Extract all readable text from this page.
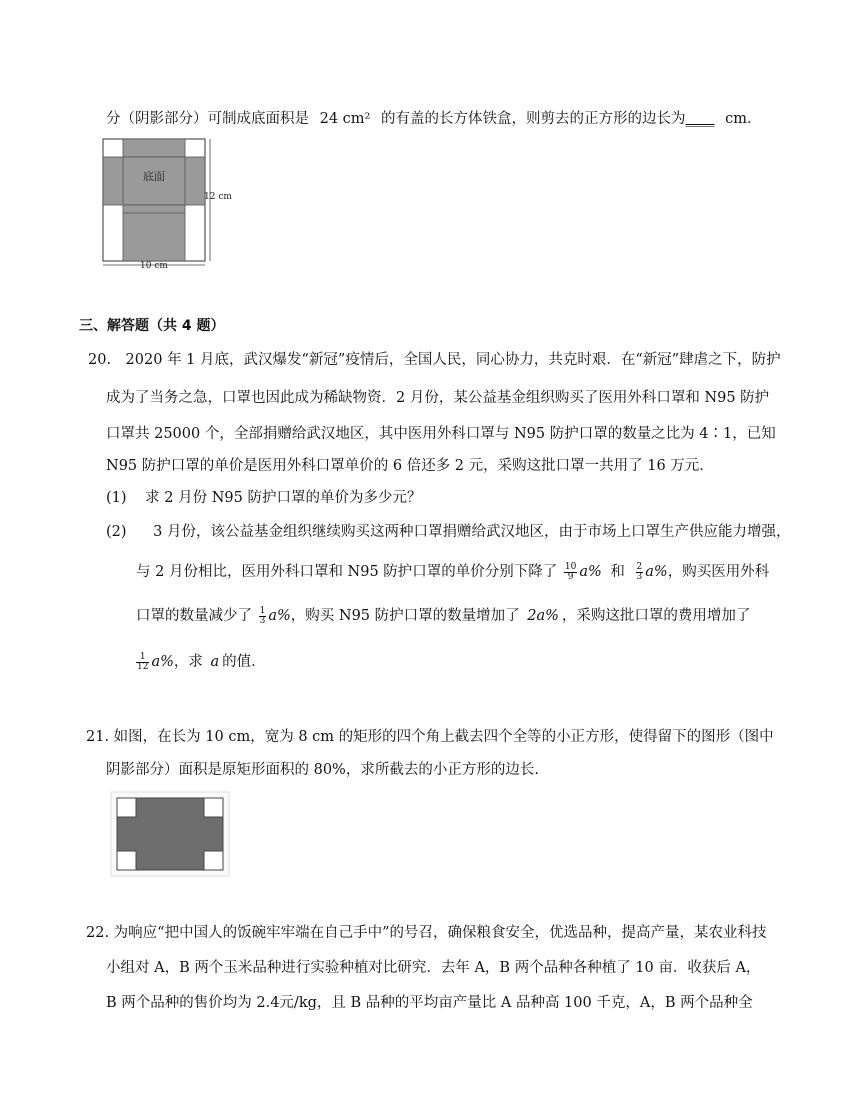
分（阴影部分）可制成底面积是 24 cm² 的有盖的长方体铁盒，则剪去的正方形的边长为____ cm．
底面
12 cm
10 cm
三、解答题（共 4 题）
20.　2020 年 1 月底，武汉爆发“新冠”疫情后，全国人民，同心协力，共克时艰．在“新冠”肆虐之下，防护
成为了当务之急，口罩也因此成为稀缺物资．2 月份，某公益基金组织购买了医用外科口罩和 N95 防护
口罩共 25000 个，全部捐赠给武汉地区，其中医用外科口罩与 N95 防护口罩的数量之比为 4∶1，已知
N95 防护口罩的单价是医用外科口罩单价的 6 倍还多 2 元，采购这批口罩一共用了 16 万元．
(1) 求 2 月份 N95 防护口罩的单价为多少元？
(2) 3 月份，该公益基金组织继续购买这两种口罩捐赠给武汉地区，由于市场上口罩生产供应能力增强，
与 2 月份相比，医用外科口罩和 N95 防护口罩的单价分别下降了 $\frac{10}{9} a\%$ 和 $\frac{2}{3} a\%$，购买医用外科
口罩的数量减少了 $\frac{1}{3} a\%$，购买 N95 防护口罩的数量增加了 2a% ，采购这批口罩的费用增加了
$\frac{1}{12} a\%$，求 a 的值．
21. 如图，在长为 10 cm，宽为 8 cm 的矩形的四个角上截去四个全等的小正方形，使得留下的图形（图中
阴影部分）面积是原矩形面积的 80%，求所截去的小正方形的边长.
22. 为响应“把中国人的饭碗牢牢端在自己手中”的号召，确保粮食安全，优选品种，提高产量，某农业科技
小组对 A，B 两个玉米品种进行实验种植对比研究．去年 A，B 两个品种各种植了 10 亩．收获后 A，
B 两个品种的售价均为 2.4元/kg，且 B 品种的平均亩产量比 A 品种高 100 千克，A，B 两个品种全
